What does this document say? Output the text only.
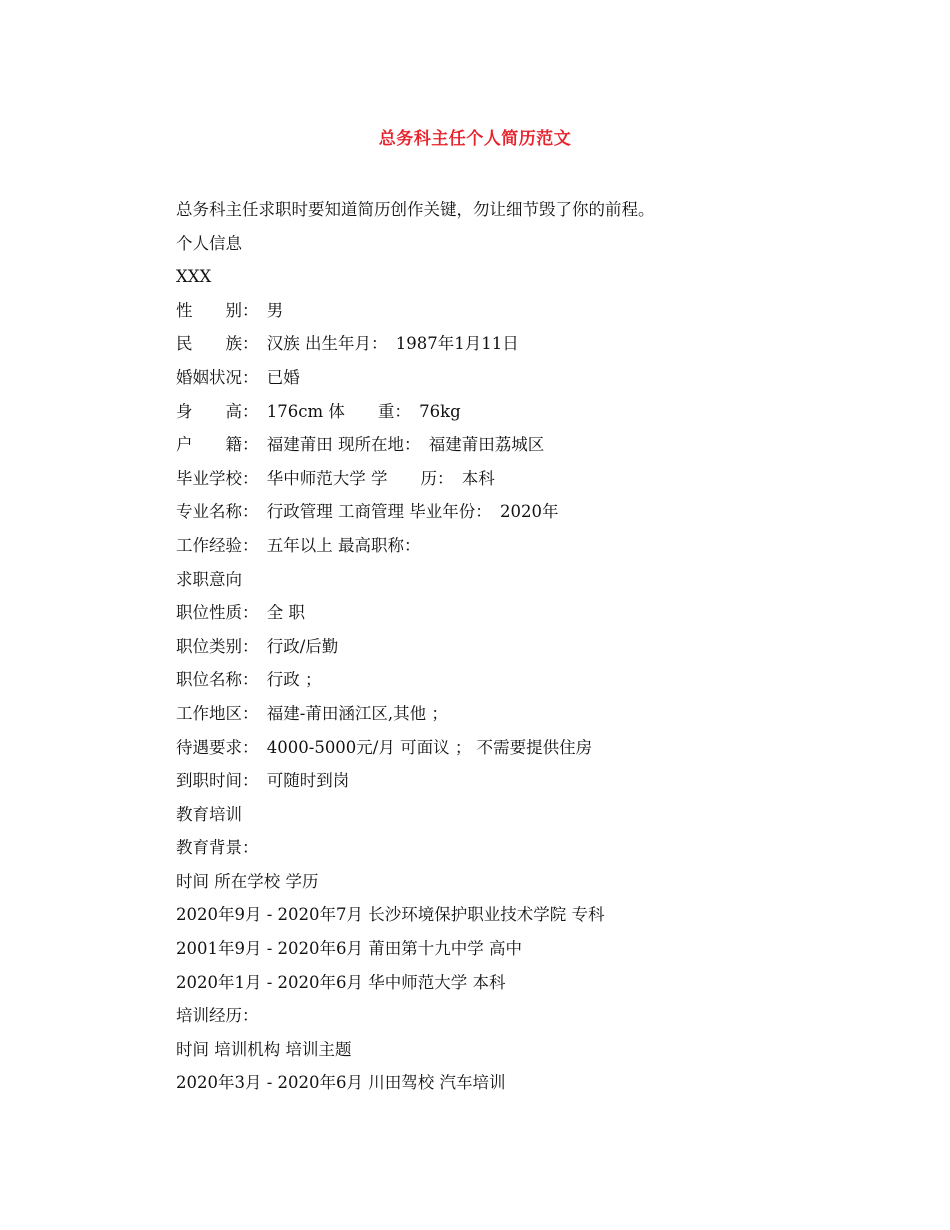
总务科主任个人简历范文
总务科主任求职时要知道简历创作关键，勿让细节毁了你的前程。
个人信息
XXX
性　　别：　男
民　　族：　汉族 出生年月：　1987年1月11日
婚姻状况：　已婚
身　　高：　176cm 体　　重：　76kg
户　　籍：　福建莆田 现所在地：　福建莆田荔城区
毕业学校：　华中师范大学 学　　历：　本科
专业名称：　行政管理 工商管理 毕业年份：　2020年
工作经验：　五年以上 最高职称：
求职意向
职位性质：　全 职
职位类别：　行政/后勤
职位名称：　行政 ；
工作地区：　福建-莆田涵江区,其他 ；
待遇要求：　4000-5000元/月 可面议 ； 不需要提供住房
到职时间：　可随时到岗
教育培训
教育背景：
时间 所在学校 学历
2020年9月 - 2020年7月 长沙环境保护职业技术学院 专科
2001年9月 - 2020年6月 莆田第十九中学 高中
2020年1月 - 2020年6月 华中师范大学 本科
培训经历：
时间 培训机构 培训主题
2020年3月 - 2020年6月 川田驾校 汽车培训
